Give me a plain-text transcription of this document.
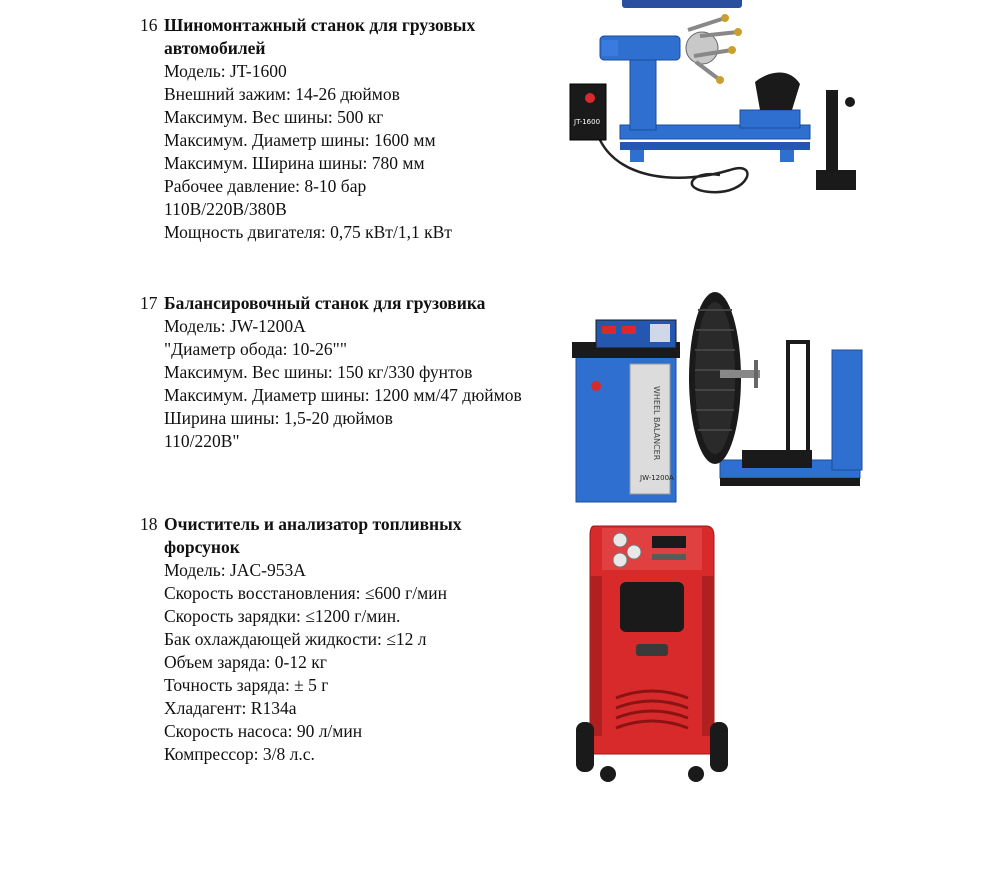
16 Шиномонтажный станок для грузовых автомобилей
Модель: JT-1600
Внешний зажим: 14-26 дюймов
Максимум. Вес шины: 500 кг
Максимум. Диаметр шины: 1600 мм
Максимум. Ширина шины: 780 мм
Рабочее давление: 8-10 бар
110В/220В/380В
Мощность двигателя: 0,75 кВт/1,1 кВт
JT-1600
17 Балансировочный станок для грузовика
Модель: JW-1200A
"Диаметр обода: 10-26""
Максимум. Вес шины: 150 кг/330 фунтов
Максимум. Диаметр шины: 1200 мм/47 дюймов
Ширина шины: 1,5-20 дюймов
110/220В"
JW-1200A
WHEEL BALANCER
18 Очиститель и анализатор топливных форсунок
Модель: JAC-953A
Скорость восстановления: ≤600 г/мин
Скорость зарядки: ≤1200 г/мин.
Бак охлаждающей жидкости: ≤12 л
Объем заряда: 0-12 кг
Точность заряда: ± 5 г
Хладагент: R134a
Скорость насоса: 90 л/мин
Компрессор: 3/8 л.с.
